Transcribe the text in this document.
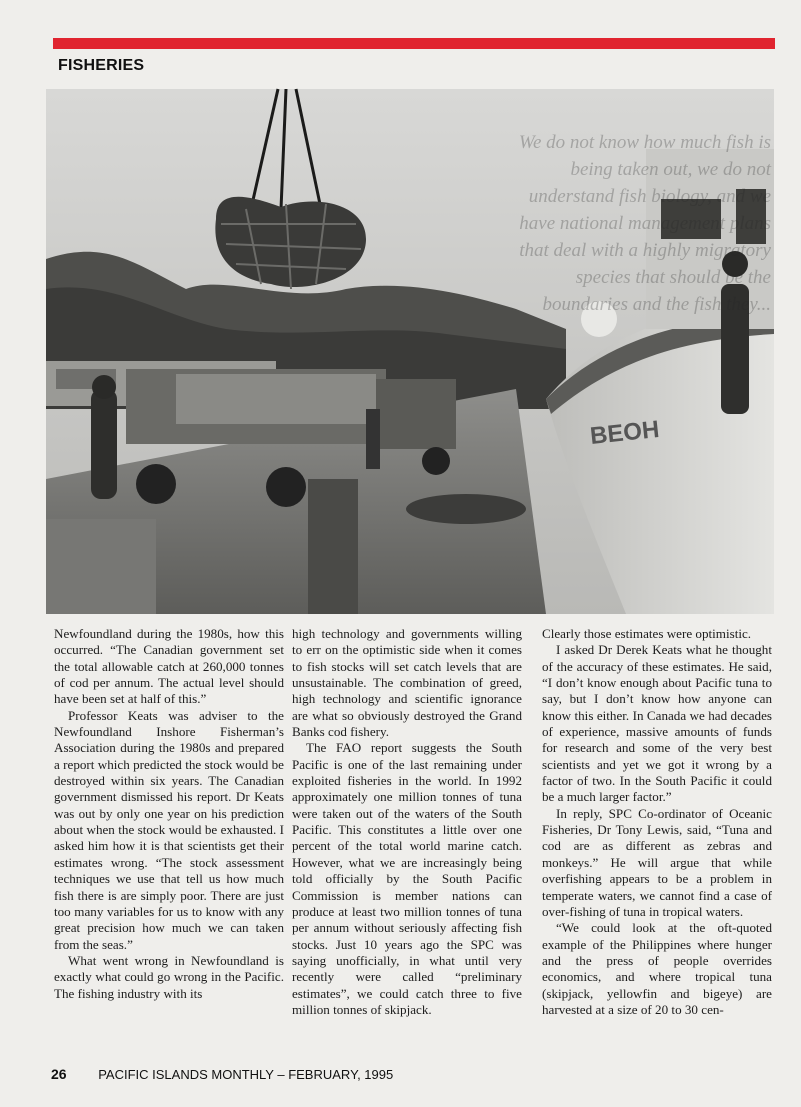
FISHERIES
BEOH
We do not know how much fish is being taken out, we do not understand fish biology, and we have national management plans that deal with a highly migratory species that should be the boundaries and the fish they...

Newfoundland during the 1980s, how this occurred. “The Canadian government set the total allowable catch at 260,000 tonnes of cod per annum. The actual level should have been set at half of this.”

Professor Keats was adviser to the Newfoundland Inshore Fisherman’s Association during the 1980s and prepared a report which predicted the stock would be destroyed within six years. The Canadian government dismissed his report. Dr Keats was out by only one year on his prediction about when the stock would be exhausted. I asked him how it is that scientists get their estimates wrong. “The stock assessment techniques we use that tell us how much fish there is are simply poor. There are just too many variables for us to know with any great precision how much we can taken from the seas.”

What went wrong in Newfoundland is exactly what could go wrong in the Pacific. The fishing industry with its

high technology and governments willing to err on the optimistic side when it comes to fish stocks will set catch levels that are unsustainable. The combination of greed, high technology and scientific ignorance are what so obviously destroyed the Grand Banks cod fishery.

The FAO report suggests the South Pacific is one of the last remaining under exploited fisheries in the world. In 1992 approximately one million tonnes of tuna were taken out of the waters of the South Pacific. This constitutes a little over one percent of the total world marine catch. However, what we are increasingly being told officially by the South Pacific Commission is member nations can produce at least two million tonnes of tuna per annum without seriously affecting fish stocks. Just 10 years ago the SPC was saying unofficially, in what until very recently were called “preliminary estimates”, we could catch three to five million tonnes of skipjack.

Clearly those estimates were optimistic.

I asked Dr Derek Keats what he thought of the accuracy of these estimates. He said, “I don’t know enough about Pacific tuna to say, but I don’t know how anyone can know this either. In Canada we had decades of experience, massive amounts of funds for research and some of the very best scientists and yet we got it wrong by a factor of two. In the South Pacific it could be a much larger factor.”

In reply, SPC Co-ordinator of Oceanic Fisheries, Dr Tony Lewis, said, “Tuna and cod are as different as zebras and monkeys.” He will argue that while overfishing appears to be a problem in temperate waters, we cannot find a case of over-fishing of tuna in tropical waters.

“We could look at the oft-quoted example of the Philippines where hunger and the press of people overrides economics, and where tropical tuna (skipjack, yellowfin and bigeye) are harvested at a size of 20 to 30 cen-

26 PACIFIC ISLANDS MONTHLY – FEBRUARY, 1995
